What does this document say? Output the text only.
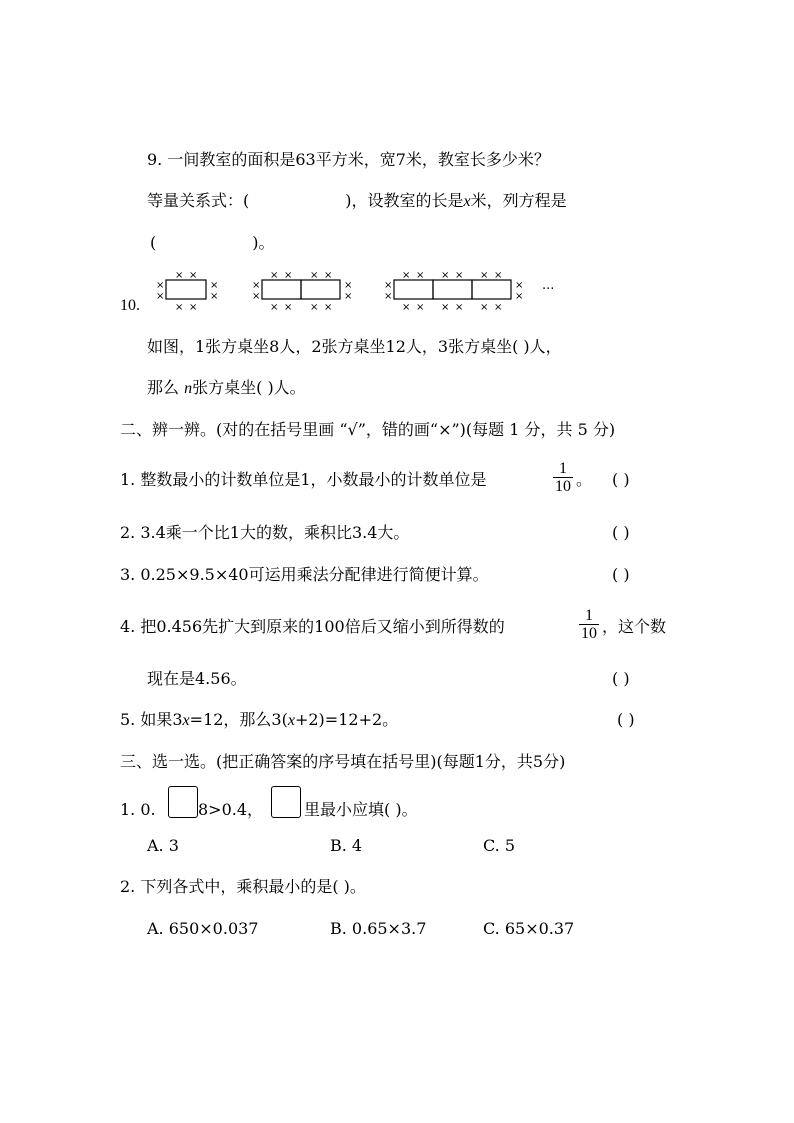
9. 一间教室的面积是63平方米，宽7米，教室长多少米？
等量关系式：(	)，设教室的长是x米，列方程是
(	)。
10.
× ×
× ×
×
×
×
×
× × × ×
× × × ×
×
×
×
×
× × × × × ×
× × × × × ×
×
×
×
× ···
如图，1张方桌坐8人，2张方桌坐12人，3张方桌坐( )人，
那么 n张方桌坐( )人。
二、辨一辨。(对的在括号里画 “√”，错的画“×”)(每题 1 分，共 5 分)
1. 整数最小的计数单位是1，小数最小的计数单位是
1
10 。 ( )
2. 3.4乘一个比1大的数，乘积比3.4大。	( )
3. 0.25×9.5×40可运用乘法分配律进行简便计算。	( )
4. 把0.456先扩大到原来的100倍后又缩小到所得数的
1
10 ，这个数
现在是4.56。	( )
5. 如果3x=12，那么3(x+2)=12+2。	( )
三、选一选。(把正确答案的序号填在括号里)(每题1分，共5分)
1. 0.	8>0.4，	里最小应填( )。
A. 3	B. 4	C. 5
2. 下列各式中，乘积最小的是( )。
A. 650×0.037	B. 0.65×3.7	C. 65×0.37
